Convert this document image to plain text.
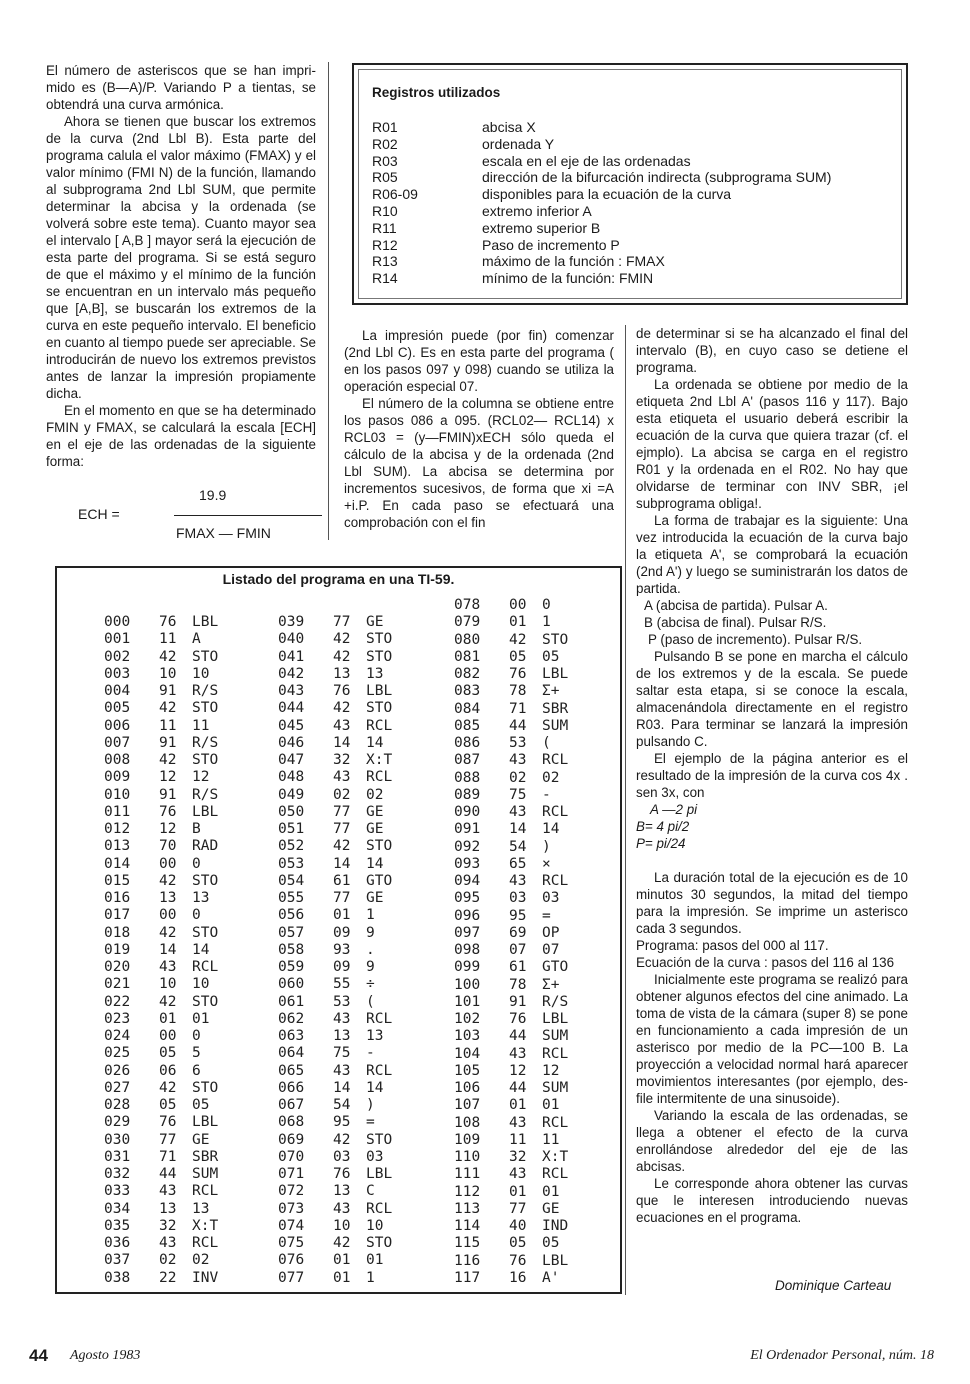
El número de asteriscos que se han imprimido es (B—A)/P. Variando P a tientas, se obtendrá una curva armónica.

Ahora se tienen que buscar los extremos de la curva (2nd Lbl B). Esta parte del programa calula el valor máximo (FMAX) y el valor mínimo (FMI N) de la función, llamando al subprograma 2nd Lbl SUM, que permite determinar la abcisa y la ordenada (se volverá sobre este tema). Cuanto mayor sea el intervalo [ A,B ] mayor será la ejecución de esta parte del programa. Si se está seguro de que el máximo y el mínimo de la función se encuentran en un intervalo más pequeño que [A,B], se buscarán los extremos de la curva en este pequeño intervalo. El beneficio en cuanto al tiempo puede ser apreciable. Se introducirán de nuevo los extremos previstos antes de lanzar la impresión propiamente dicha.

En el momento en que se ha determinado FMIN y FMAX, se calculará la escala [ECH] en el eje de las ordenadas de la siguiente forma:

ECH =
19.9
FMAX — FMIN
Registros utilizados
R01	abcisa X
R02	ordenada Y
R03	escala en el eje de las ordenadas
R05	dirección de la bifurcación indirecta (subprograma SUM)
R06-09	disponibles para la ecuación de la curva
R10	extremo inferior A
R11	extremo superior B
R12	Paso de incremento P
R13	máximo de la función : FMAX
R14	mínimo de la función: FMIN

La impresión puede (por fin) comenzar (2nd Lbl C). Es en esta parte del programa ( en los pasos 097 y 098) cuando se utiliza la operación especial 07.

El número de la columna se obtiene entre los pasos 086 a 095. (RCL02— RCL14) x RCL03 = (y—FMIN)xECH sólo queda el cálculo de la abcisa y de la ordenada (2nd Lbl SUM). La abcisa se determina por incrementos sucesivos, de forma que xi =A +i.P. En cada paso se efectuará una comprobación con el fin

de determinar si se ha alcanzado el final del intervalo (B), en cuyo caso se detiene el programa.

La ordenada se obtiene por medio de la etiqueta 2nd Lbl A' (pasos 116 y 117). Bajo esta etiqueta el usuario deberá escribir la ecuación de la curva que quiera trazar (cf. el ejmplo). La abcisa se carga en el registro R01 y la ordenada en el R02. No hay que olvidarse de terminar con INV SBR, ¡el subprograma obliga!.

La forma de trabajar es la siguiente: Una vez introducida la ecuación de la curva bajo la etiqueta A', se comprobará la ecuación (2nd A') y luego se suministrarán los datos de partida.

A (abcisa de partida). Pulsar A.

B (abcisa de final). Pulsar R/S.

P (paso de incremento). Pulsar R/S.

Pulsando B se pone en marcha el cálculo de los extremos y de la escala. Se puede saltar esta etapa, si se conoce la escala, almacenándola directamente en el registro R03. Para terminar se lanzará la impresión pulsando C.

El ejemplo de la página anterior es el resultado de la impresión de la curva cos 4x . sen 3x, con

A —2 pi

B= 4 pi/2

P= pi/24

La duración total de la ejecución es de 10 minutos 30 segundos, la mitad del tiempo para la impresión. Se imprime un asterisco cada 3 segundos.

Programa: pasos del 000 al 117.

Ecuación de la curva : pasos del 116 al 136

Inicialmente este programa se realizó para obtener algunos efectos del cine animado. La toma de vista de la cámara (super 8) se pone en funcionamiento a cada impresión de un asterisco por medio de la PC—100 B. La proyección a velocidad normal hará aparecer movimientos interesantes (por ejemplo, desfile intermitente de una sinusoide).

Variando la escala de las ordenadas, se llega a obtener el efecto de la curva enrollándose alrededor del eje de las abcisas.

Le corresponde ahora obtener las curvas que le interesen introduciendo nuevas ecuaciones en el programa.

Dominique Carteau
Listado del programa en una TI-59.
000 76 LBL
001 11 A
002 42 STO
003 10 10
004 91 R/S
005 42 STO
006 11 11
007 91 R/S
008 42 STO
009 12 12
010 91 R/S
011 76 LBL
012 12 B
013 70 RAD
014 00 0
015 42 STO
016 13 13
017 00 0
018 42 STO
019 14 14
020 43 RCL
021 10 10
022 42 STO
023 01 01
024 00 0
025 05 5
026 06 6
027 42 STO
028 05 05
029 76 LBL
030 77 GE
031 71 SBR
032 44 SUM
033 43 RCL
034 13 13
035 32 X:T
036 43 RCL
037 02 02
038 22 INV
039 77 GE
040 42 STO
041 42 STO
042 13 13
043 76 LBL
044 42 STO
045 43 RCL
046 14 14
047 32 X:T
048 43 RCL
049 02 02
050 77 GE
051 77 GE
052 42 STO
053 14 14
054 61 GTO
055 77 GE
056 01 1
057 09 9
058 93 .
059 09 9
060 55 ÷
061 53 (
062 43 RCL
063 13 13
064 75 -
065 43 RCL
066 14 14
067 54 )
068 95 =
069 42 STO
070 03 03
071 76 LBL
072 13 C
073 43 RCL
074 10 10
075 42 STO
076 01 01
077 01 1
078 00 0
079 01 1
080 42 STO
081 05 05
082 76 LBL
083 78 Σ+
084 71 SBR
085 44 SUM
086 53 (
087 43 RCL
088 02 02
089 75 -
090 43 RCL
091 14 14
092 54 )
093 65 ×
094 43 RCL
095 03 03
096 95 =
097 69 OP
098 07 07
099 61 GTO
100 78 Σ+
101 91 R/S
102 76 LBL
103 44 SUM
104 43 RCL
105 12 12
106 44 SUM
107 01 01
108 43 RCL
109 11 11
110 32 X:T
111 43 RCL
112 01 01
113 77 GE
114 40 IND
115 05 05
116 76 LBL
117 16 A'
44 Agosto 1983	El Ordenador Personal, núm. 18
